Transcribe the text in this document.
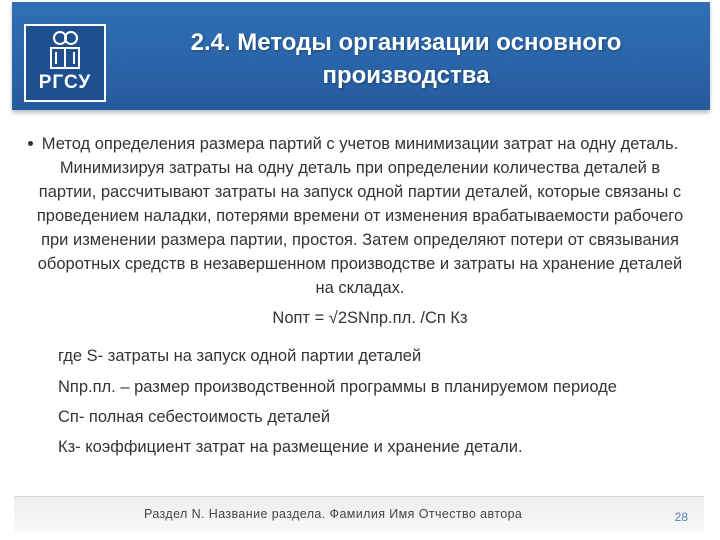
РГСУ
2.4. Методы организации основного
производства
Метод определения размера партий с учетов минимизации затрат на одну деталь. Минимизируя затраты на одну деталь при определении количества деталей в партии, рассчитывают затраты на запуск одной партии деталей, которые связаны с проведением наладки, потерями времени от изменения врабатываемости рабочего при изменении размера партии, простоя. Затем определяют потери от связывания оборотных средств в незавершенном производстве и затраты на хранение деталей на складах.
Nопт = √2SNпр.пл. /Сп Кз

где S- затраты на запуск одной партии деталей

Nпр.пл. – размер производственной программы в планируемом периоде

Сп- полная себестоимость деталей

Кз- коэффициент затрат на размещение и хранение детали.

Раздел N. Название раздела. Фамилия Имя Отчество автора	28
